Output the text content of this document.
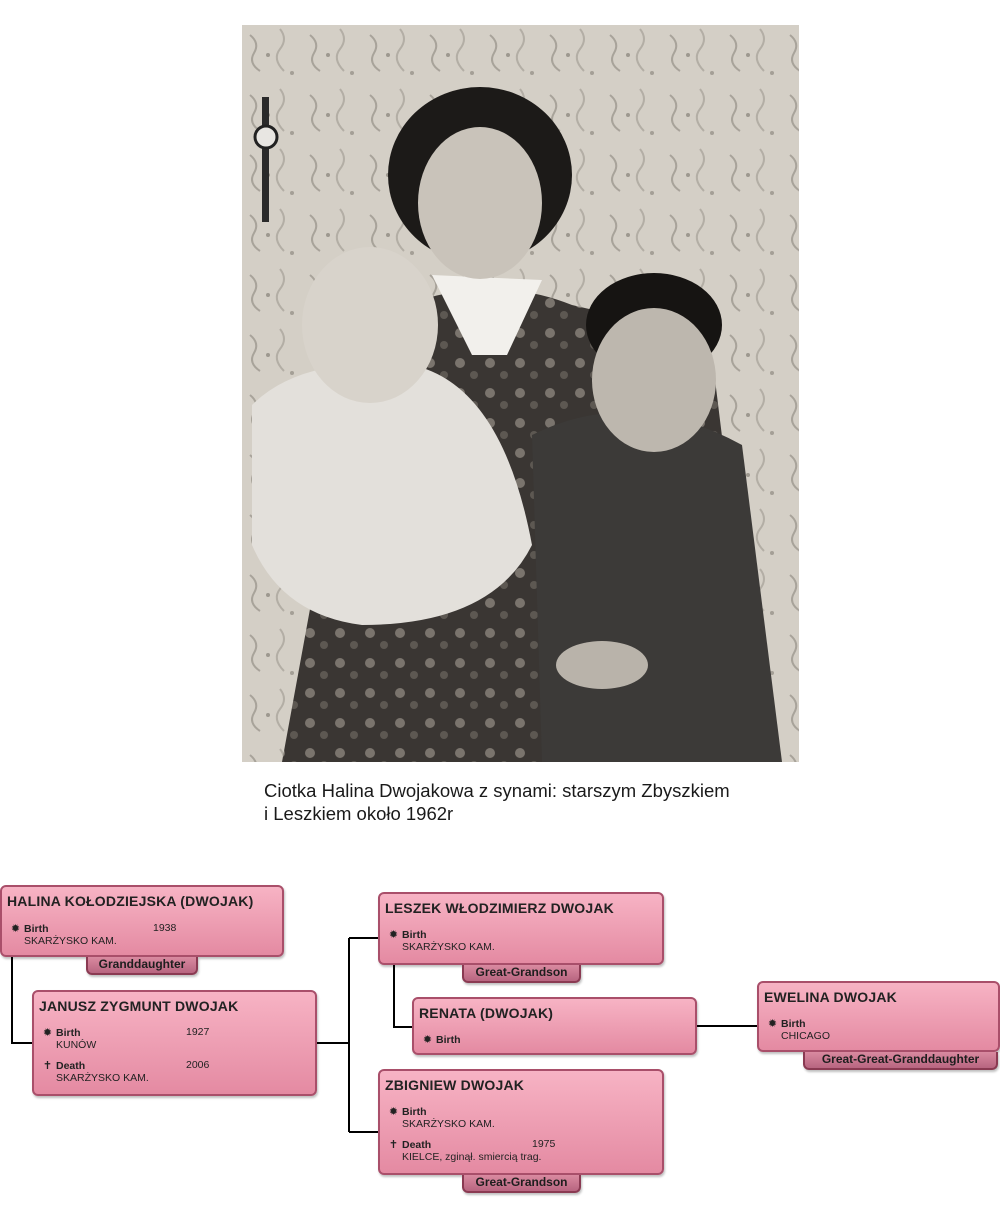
Ciotka Halina Dwojakowa z synami: starszym Zbyszkiem
i Leszkiem około 1962r
HALINA KOŁODZIEJSKA (DWOJAK)
✹ Birth	1938
SKARŻYSKO KAM.
Granddaughter
JANUSZ ZYGMUNT DWOJAK
✹ Birth	1927
KUNÓW
✝ Death	2006
SKARŻYSKO KAM.
LESZEK WŁODZIMIERZ DWOJAK
✹ Birth
SKARŻYSKO KAM.
Great-Grandson
RENATA (DWOJAK)
✹ Birth
EWELINA DWOJAK
✹ Birth
CHICAGO
Great-Great-Granddaughter
ZBIGNIEW DWOJAK
✹ Birth
SKARŻYSKO KAM.
✝ Death	1975
KIELCE, zginął. smiercią trag.
Great-Grandson
